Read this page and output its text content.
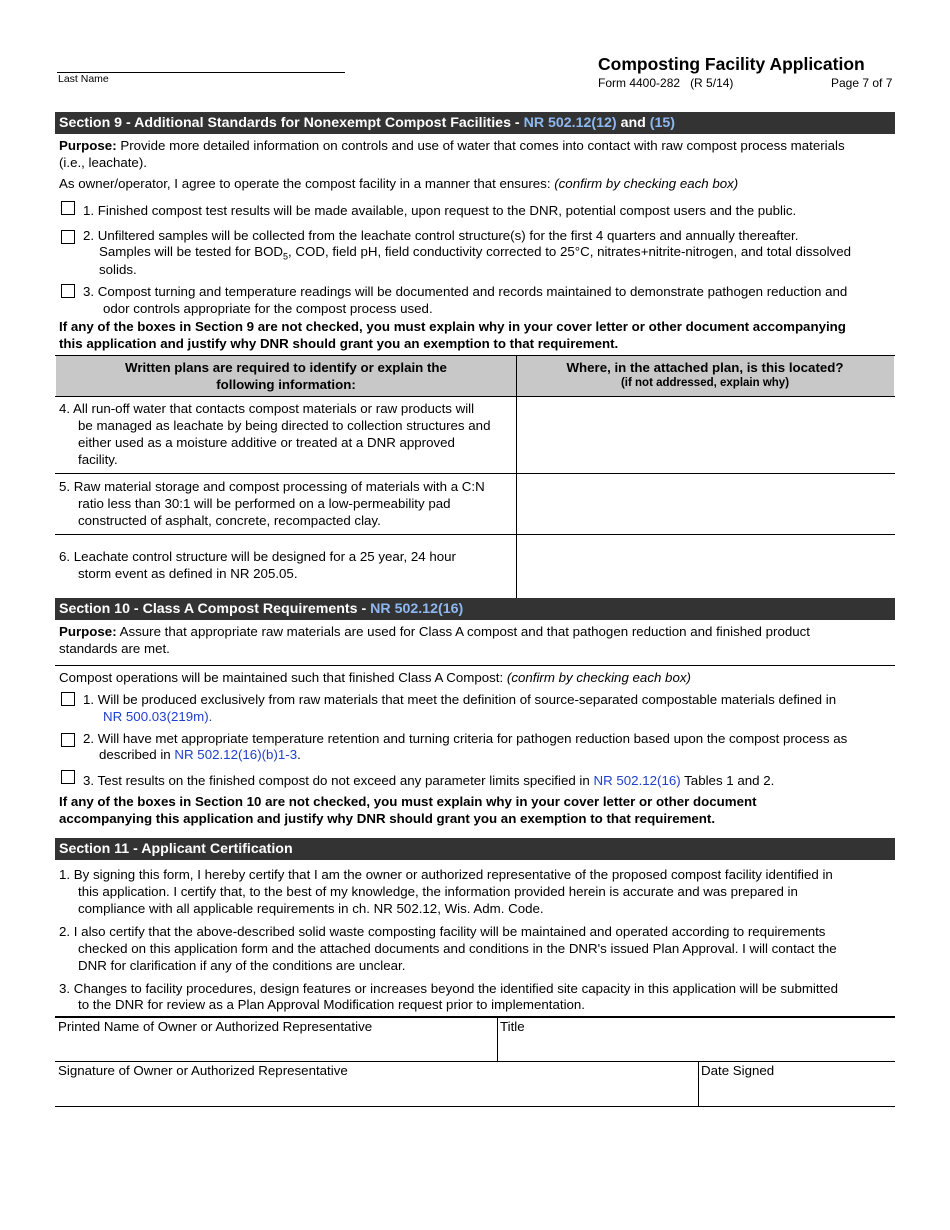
Last Name

Composting Facility Application

Form 4400-282 (R 5/14)	Page 7 of 7

Section 9 - Additional Standards for Nonexempt Compost Facilities - NR 502.12(12) and (15)

Purpose: Provide more detailed information on controls and use of water that comes into contact with raw compost process materials

(i.e., leachate).

As owner/operator, I agree to operate the compost facility in a manner that ensures: (confirm by checking each box)

1. Finished compost test results will be made available, upon request to the DNR, potential compost users and the public.

2. Unfiltered samples will be collected from the leachate control structure(s) for the first 4 quarters and annually thereafter.

Samples will be tested for $BOD_5$, COD, field pH, field conductivity corrected to 25°C, nitrates+nitrite-nitrogen, and total dissolved

solids.

3. Compost turning and temperature readings will be documented and records maintained to demonstrate pathogen reduction and

odor controls appropriate for the compost process used.

If any of the boxes in Section 9 are not checked, you must explain why in your cover letter or other document accompanying

this application and justify why DNR should grant you an exemption to that requirement.

Written plans are required to identify or explain the
following information:
Where, in the attached plan, is this located?
(if not addressed, explain why)

4. All run-off water that contacts compost materials or raw products will

be managed as leachate by being directed to collection structures and

either used as a moisture additive or treated at a DNR approved

facility.

5. Raw material storage and compost processing of materials with a C:N

ratio less than 30:1 will be performed on a low-permeability pad

constructed of asphalt, concrete, recompacted clay.

6. Leachate control structure will be designed for a 25 year, 24 hour

storm event as defined in NR 205.05.

Section 10 - Class A Compost Requirements - NR 502.12(16)

Purpose: Assure that appropriate raw materials are used for Class A compost and that pathogen reduction and finished product

standards are met.

Compost operations will be maintained such that finished Class A Compost: (confirm by checking each box)

1. Will be produced exclusively from raw materials that meet the definition of source-separated compostable materials defined in

NR 500.03(219m).

2. Will have met appropriate temperature retention and turning criteria for pathogen reduction based upon the compost process as

described in NR 502.12(16)(b)1-3.

3. Test results on the finished compost do not exceed any parameter limits specified in NR 502.12(16) Tables 1 and 2.

If any of the boxes in Section 10 are not checked, you must explain why in your cover letter or other document

accompanying this application and justify why DNR should grant you an exemption to that requirement.

Section 11 - Applicant Certification

1. By signing this form, I hereby certify that I am the owner or authorized representative of the proposed compost facility identified in

this application. I certify that, to the best of my knowledge, the information provided herein is accurate and was prepared in

compliance with all applicable requirements in ch. NR 502.12, Wis. Adm. Code.

2. I also certify that the above-described solid waste composting facility will be maintained and operated according to requirements

checked on this application form and the attached documents and conditions in the DNR's issued Plan Approval. I will contact the

DNR for clarification if any of the conditions are unclear.

3. Changes to facility procedures, design features or increases beyond the identified site capacity in this application will be submitted

to the DNR for review as a Plan Approval Modification request prior to implementation.

Printed Name of Owner or Authorized Representative	Title

Signature of Owner or Authorized Representative	Date Signed
